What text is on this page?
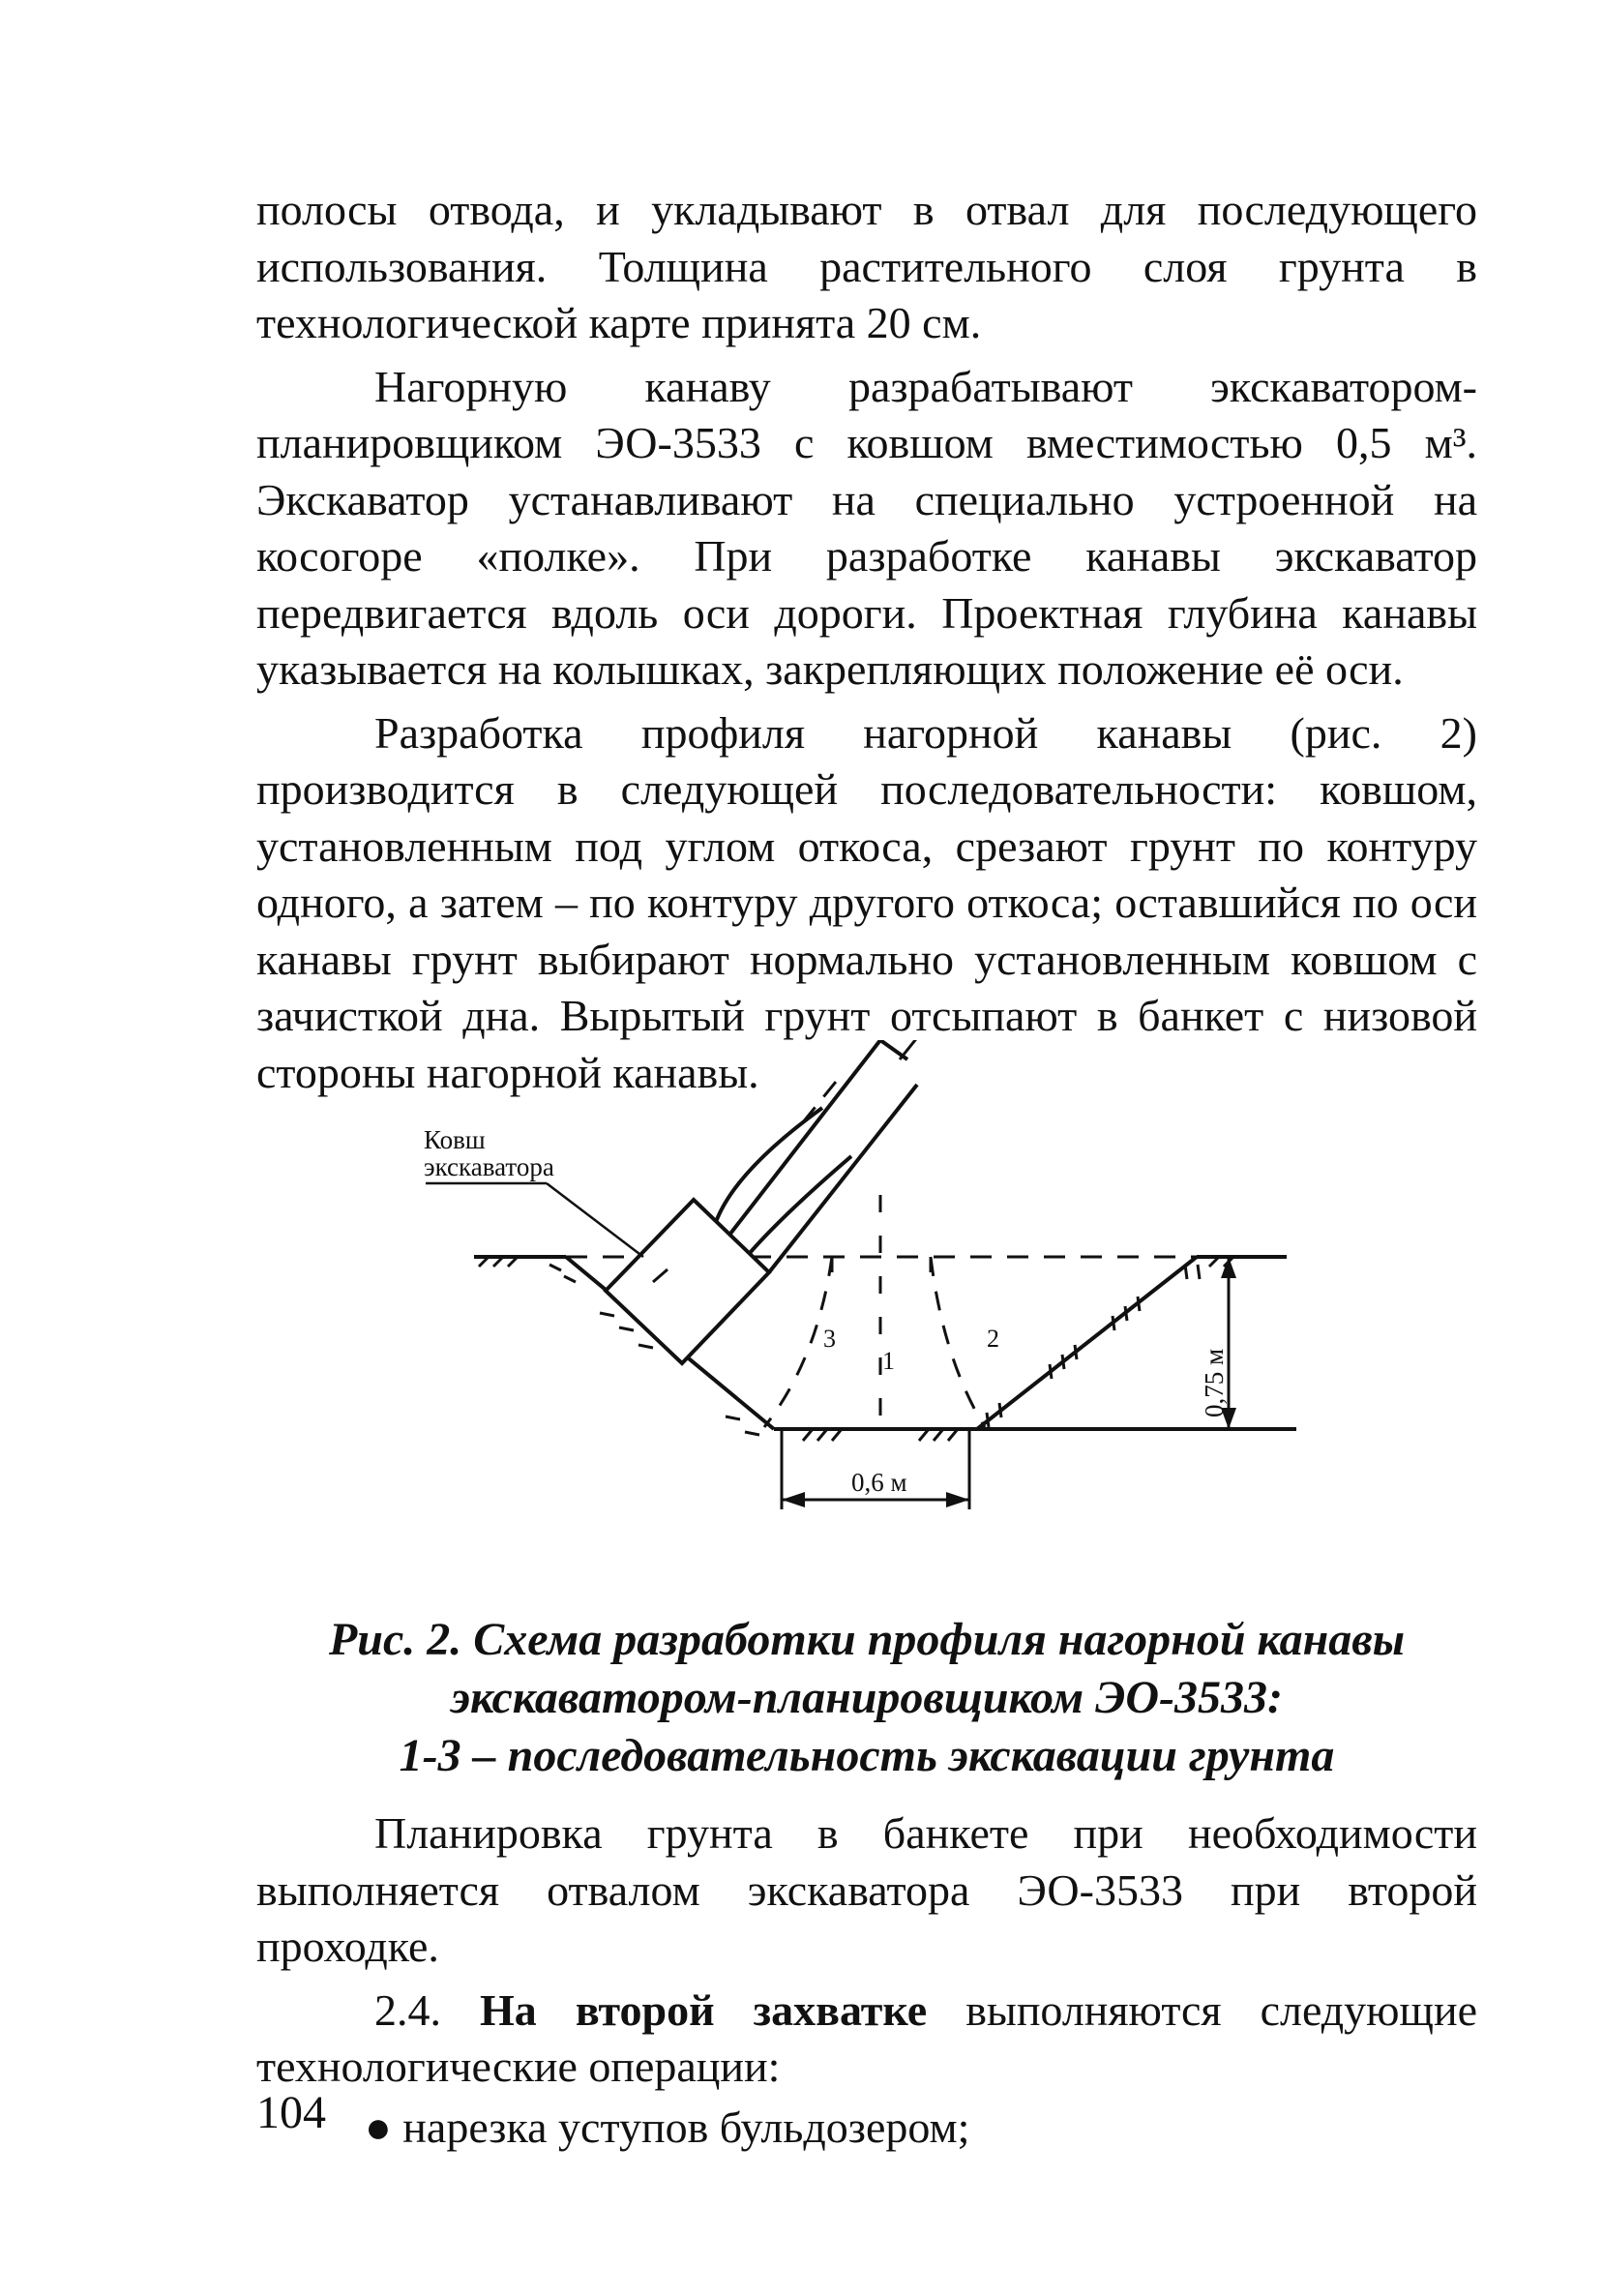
полосы отвода, и укладывают в отвал для последующего использования. Толщина растительного слоя грунта в технологической карте принята 20 см.

Нагорную канаву разрабатывают экскаватором-планировщиком ЭО-3533 с ковшом вместимостью 0,5 м³. Экскаватор устанавливают на специально устроенной на косогоре «полке». При разработке канавы экскаватор передвигается вдоль оси дороги. Проектная глубина канавы указывается на колышках, закрепляющих положение её оси.

Разработка профиля нагорной канавы (рис. 2) производится в следующей последовательности: ковшом, установленным под углом откоса, срезают грунт по контуру одного, а затем – по контуру другого откоса; оставшийся по оси канавы грунт выбирают нормально установленным ковшом с зачисткой дна. Вырытый грунт отсыпают в банкет с низовой стороны нагорной канавы.

Ковш
экскаватора
1
2
3
0,75 м
0,6 м
Рис. 2. Схема разработки профиля нагорной канавы
экскаватором-планировщиком ЭО-3533:
1-3 – последовательность экскавации грунта

Планировка грунта в банкете при необходимости выполняется отвалом экскаватора ЭО-3533 при второй проходке.

2.4. На второй захватке выполняются следующие технологические операции:

● нарезка уступов бульдозером;

104
